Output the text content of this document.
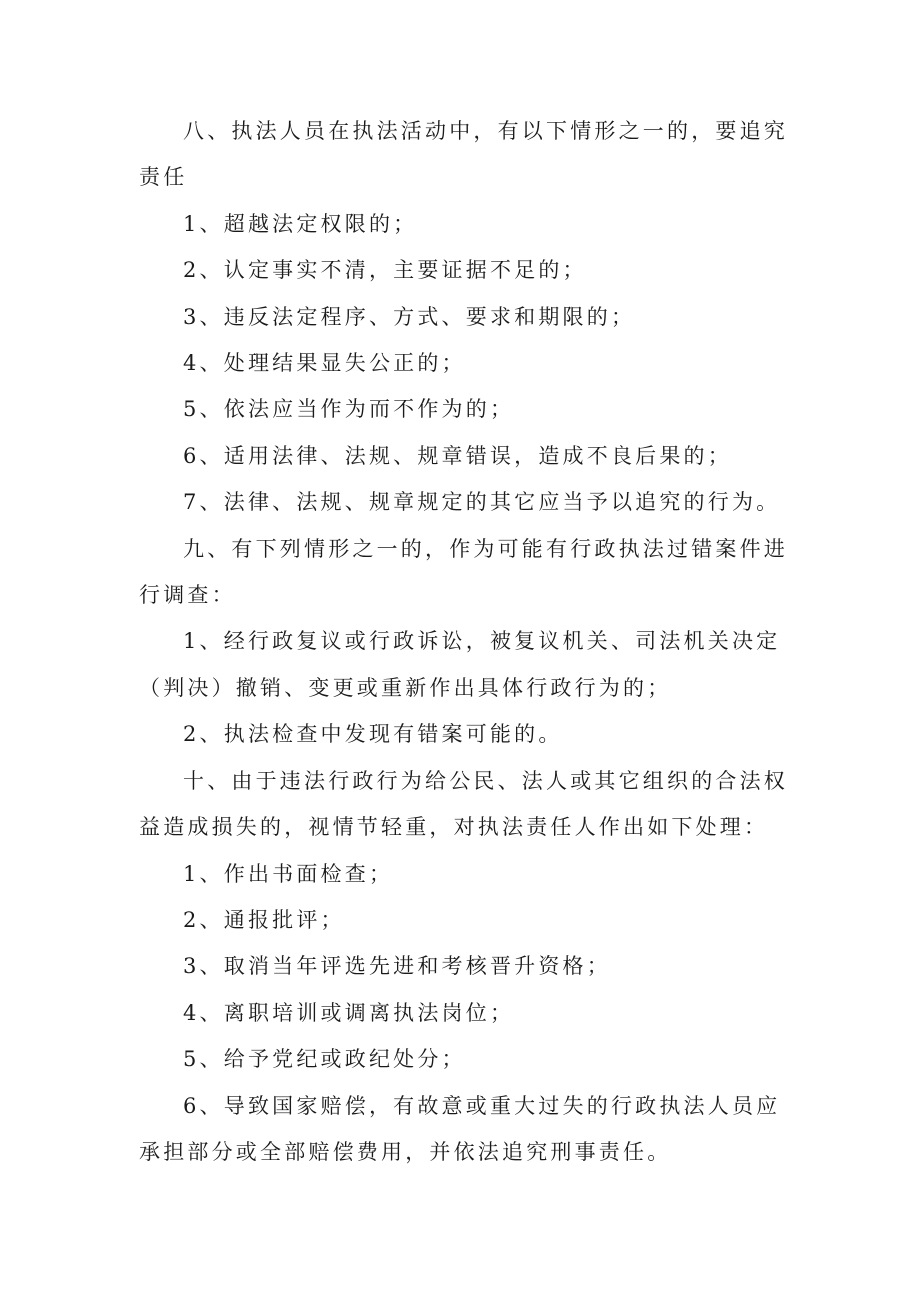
八、执法人员在执法活动中，有以下情形之一的，要追究责任

1、超越法定权限的；

2、认定事实不清，主要证据不足的；

3、违反法定程序、方式、要求和期限的；

4、处理结果显失公正的；

5、依法应当作为而不作为的；

6、适用法律、法规、规章错误，造成不良后果的；

7、法律、法规、规章规定的其它应当予以追究的行为。

九、有下列情形之一的，作为可能有行政执法过错案件进行调查：

1、经行政复议或行政诉讼，被复议机关、司法机关决定（判决）撤销、变更或重新作出具体行政行为的；

2、执法检查中发现有错案可能的。

十、由于违法行政行为给公民、法人或其它组织的合法权益造成损失的，视情节轻重，对执法责任人作出如下处理：

1、作出书面检查；

2、通报批评；

3、取消当年评选先进和考核晋升资格；

4、离职培训或调离执法岗位；

5、给予党纪或政纪处分；

6、导致国家赔偿，有故意或重大过失的行政执法人员应承担部分或全部赔偿费用，并依法追究刑事责任。
